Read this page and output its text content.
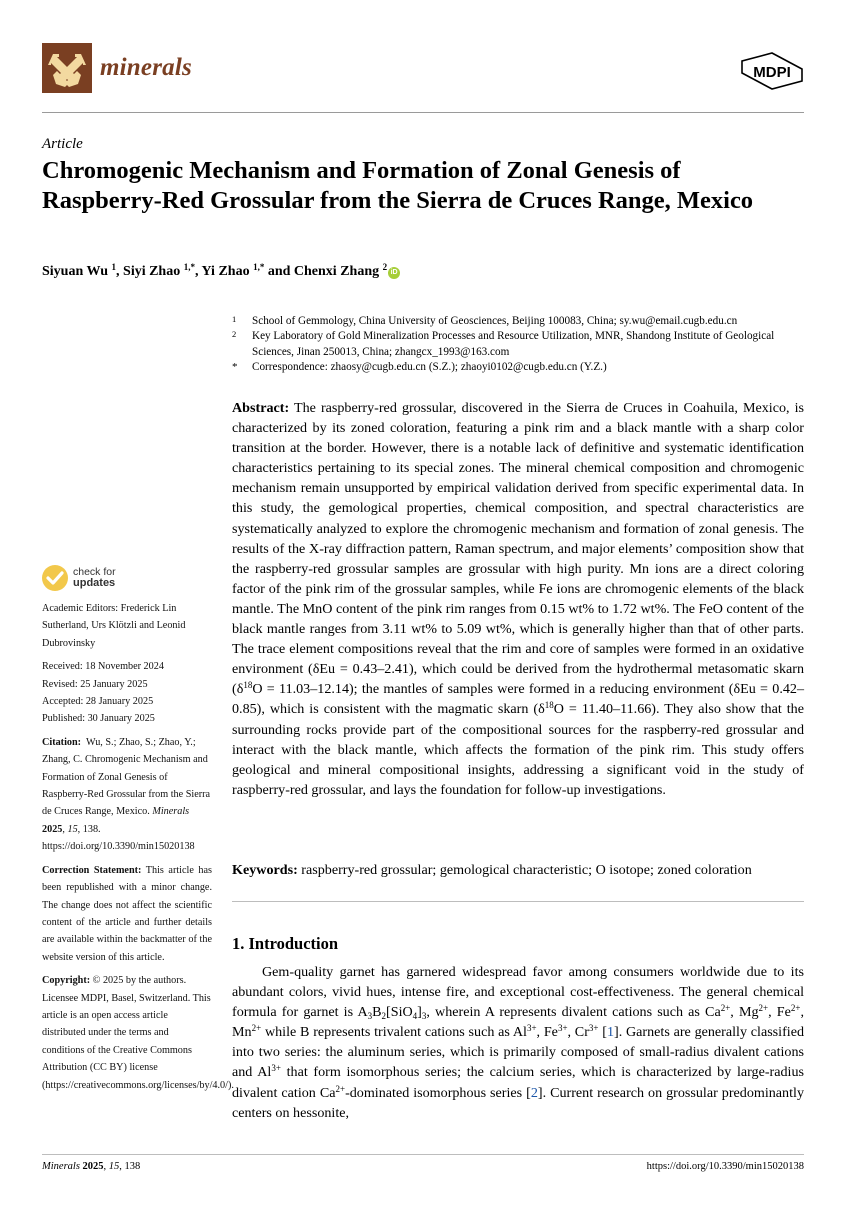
minerals	MDPI
Article
Chromogenic Mechanism and Formation of Zonal Genesis of Raspberry-Red Grossular from the Sierra de Cruces Range, Mexico
Siyuan Wu $^1$, Siyi Zhao $^{1,*}$, Yi Zhao $^{1,*}$ and Chenxi Zhang $^2$iD
1 School of Gemmology, China University of Geosciences, Beijing 100083, China; sy.wu@email.cugb.edu.cn
2 Key Laboratory of Gold Mineralization Processes and Resource Utilization, MNR, Shandong Institute of Geological Sciences, Jinan 250013, China; zhangcx_1993@163.com
* Correspondence: zhaosy@cugb.edu.cn (S.Z.); zhaoyi0102@cugb.edu.cn (Y.Z.)
Abstract: The raspberry-red grossular, discovered in the Sierra de Cruces in Coahuila, Mexico, is characterized by its zoned coloration, featuring a pink rim and a black mantle with a sharp color transition at the border. However, there is a notable lack of definitive and systematic identification characteristics pertaining to its special zones. The mineral chemical composition and chromogenic mechanism remain unsupported by empirical validation derived from specific experimental data. In this study, the gemological properties, chemical composition, and spectral characteristics are systematically analyzed to explore the chromogenic mechanism and formation of zonal genesis. The results of the X-ray diffraction pattern, Raman spectrum, and major elements’ composition show that the raspberry-red grossular samples are grossular with high purity. Mn ions are a direct coloring factor of the pink rim of the grossular samples, while Fe ions are chromogenic elements of the black mantle. The MnO content of the pink rim ranges from 0.15 wt% to 1.72 wt%. The FeO content of the black mantle ranges from 3.11 wt% to 5.09 wt%, which is generally higher than that of other parts. The trace element compositions reveal that the rim and core of samples were formed in an oxidative environment (δEu = 0.43–2.41), which could be derived from the hydrothermal metasomatic skarn $(\delta^{18}O = 11.03-12.14)$; the mantles of samples were formed in a reducing environment (δEu = 0.42–0.85), which is consistent with the magmatic skarn $(\delta^{18}O = 11.40-11.66)$. They also show that the surrounding rocks provide part of the compositional sources for the raspberry-red grossular and interact with the black mantle, which affects the formation of the pink rim. This study offers geological and mineral compositional insights, addressing a significant void in the study of raspberry-red grossular, and lays the foundation for follow-up investigations.
Keywords: raspberry-red grossular; gemological characteristic; O isotope; zoned coloration
1. Introduction

Gem-quality garnet has garnered widespread favor among consumers worldwide due to its abundant colors, vivid hues, intense fire, and exceptional cost-effectiveness. The general chemical formula for garnet is $A_3B_2[SiO_4]_3$, wherein A represents divalent cations such as $Ca^{2+}$, $Mg^{2+}$, $Fe^{2+}$, $Mn^{2+}$ while B represents trivalent cations such as $Al^{3+}$, $Fe^{3+}$, $Cr^{3+}$ [1]. Garnets are generally classified into two series: the aluminum series, which is primarily composed of small-radius divalent cations and $Al^{3+}$ that form isomorphous series; the calcium series, which is characterized by large-radius divalent cation $Ca^{2+}$-dominated isomorphous series [2]. Current research on grossular predominantly centers on hessonite,

check for
updates
Academic Editors: Frederick Lin Sutherland, Urs Klötzli and Leonid Dubrovinsky
Received: 18 November 2024
Revised: 25 January 2025
Accepted: 28 January 2025
Published: 30 January 2025
Citation: Wu, S.; Zhao, S.; Zhao, Y.; Zhang, C. Chromogenic Mechanism and Formation of Zonal Genesis of Raspberry-Red Grossular from the Sierra de Cruces Range, Mexico. Minerals 2025, 15, 138. https://doi.org/10.3390/min15020138
Correction Statement: This article has been republished with a minor change. The change does not affect the scientific content of the article and further details are available within the backmatter of the website version of this article.
Copyright: © 2025 by the authors. Licensee MDPI, Basel, Switzerland. This article is an open access article distributed under the terms and conditions of the Creative Commons Attribution (CC BY) license (https://creativecommons.org/licenses/by/4.0/).
Minerals 2025, 15, 138	https://doi.org/10.3390/min15020138
